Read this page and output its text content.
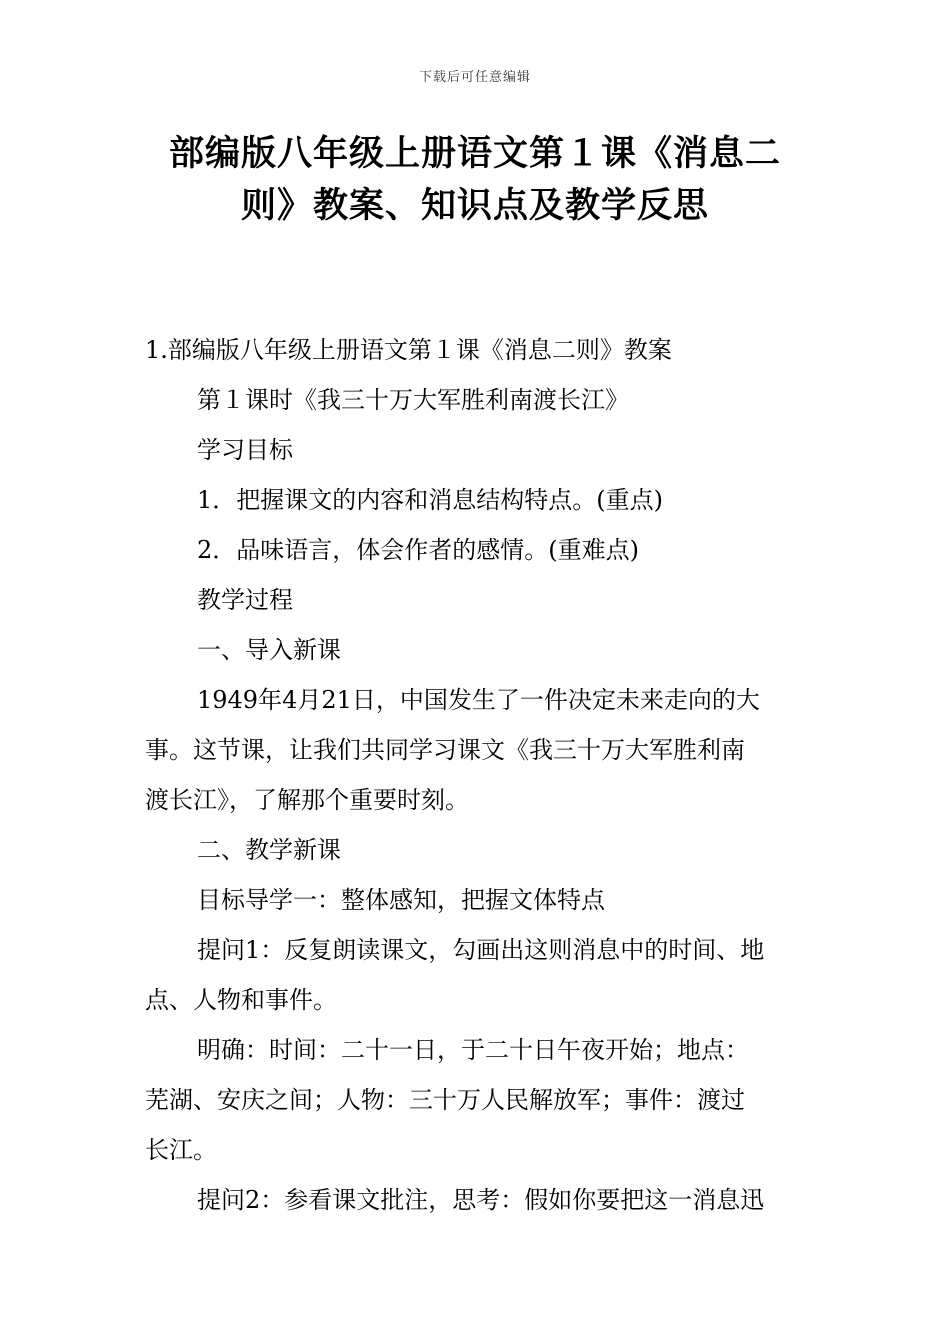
下载后可任意编辑
部编版八年级上册语文第１课《消息二
则》教案、知识点及教学反思
1.部编版八年级上册语文第１课《消息二则》教案
第１课时《我三十万大军胜利南渡长江》
学习目标
1．把握课文的内容和消息结构特点。(重点)
2．品味语言，体会作者的感情。(重难点)
教学过程
一、导入新课
1949年4月21日，中国发生了一件决定未来走向的大
事。这节课，让我们共同学习课文《我三十万大军胜利南
渡长江》，了解那个重要时刻。
二、教学新课
目标导学一：整体感知，把握文体特点
提问1：反复朗读课文，勾画出这则消息中的时间、地
点、人物和事件。
明确：时间：二十一日，于二十日午夜开始；地点：
芜湖、安庆之间；人物：三十万人民解放军；事件：渡过
长江。
提问2：参看课文批注，思考：假如你要把这一消息迅
